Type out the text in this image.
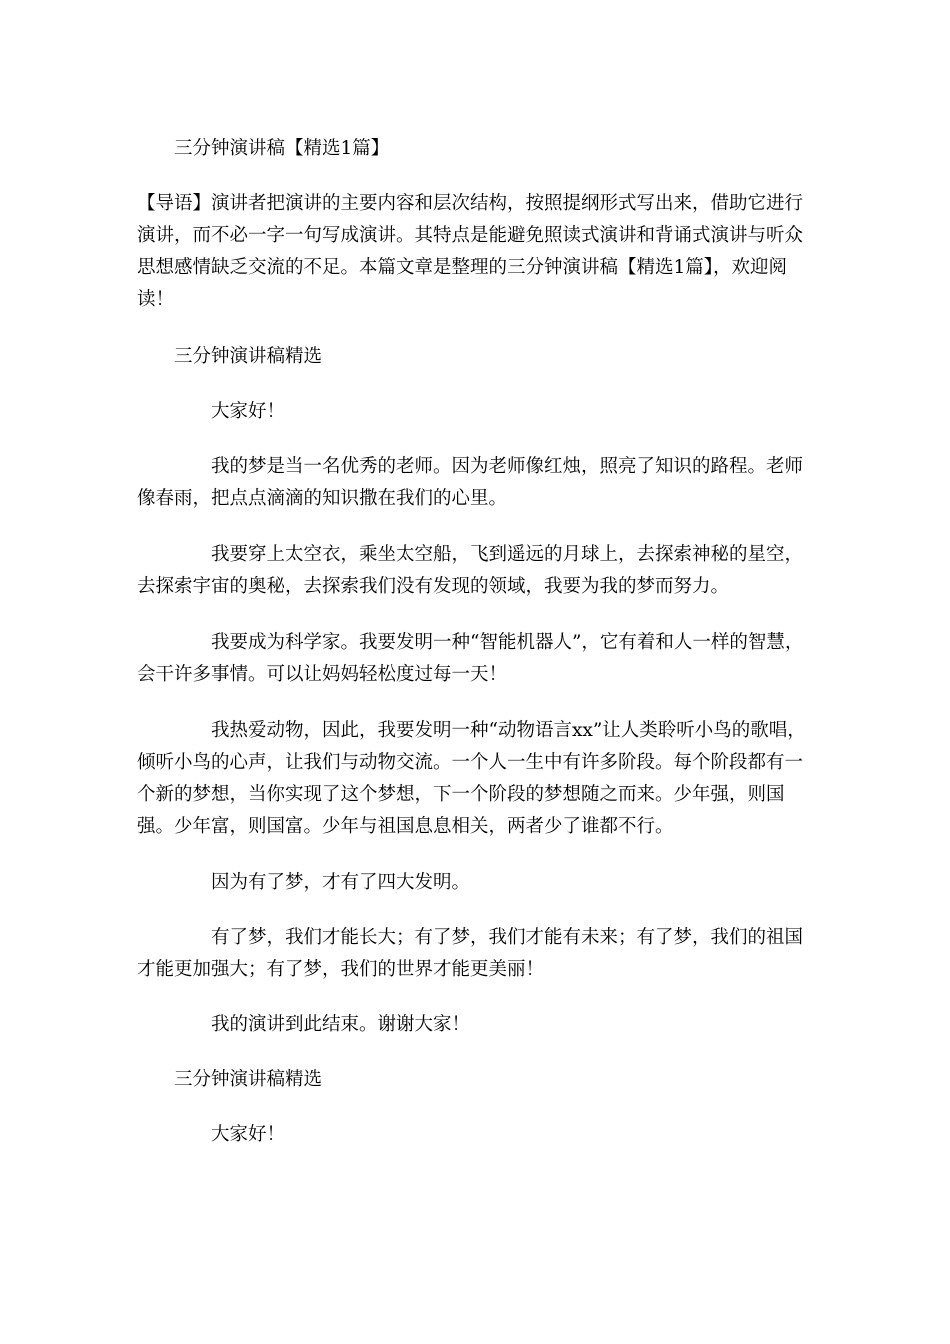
三分钟演讲稿【精选1篇】

【导语】演讲者把演讲的主要内容和层次结构，按照提纲形式写出来，借助它进行演讲，而不必一字一句写成演讲。其特点是能避免照读式演讲和背诵式演讲与听众思想感情缺乏交流的不足。本篇文章是整理的三分钟演讲稿【精选1篇】，欢迎阅读！

三分钟演讲稿精选

大家好！

我的梦是当一名优秀的老师。因为老师像红烛，照亮了知识的路程。老师像春雨，把点点滴滴的知识撒在我们的心里。

我要穿上太空衣，乘坐太空船，飞到遥远的月球上，去探索神秘的星空，去探索宇宙的奥秘，去探索我们没有发现的领域，我要为我的梦而努力。

我要成为科学家。我要发明一种“智能机器人”，它有着和人一样的智慧，会干许多事情。可以让妈妈轻松度过每一天！

我热爱动物，因此，我要发明一种“动物语言xx”让人类聆听小鸟的歌唱，倾听小鸟的心声，让我们与动物交流。一个人一生中有许多阶段。每个阶段都有一个新的梦想，当你实现了这个梦想，下一个阶段的梦想随之而来。少年强，则国强。少年富，则国富。少年与祖国息息相关，两者少了谁都不行。

因为有了梦，才有了四大发明。

有了梦，我们才能长大；有了梦，我们才能有未来；有了梦，我们的祖国才能更加强大；有了梦，我们的世界才能更美丽！

我的演讲到此结束。谢谢大家！

三分钟演讲稿精选

大家好！
